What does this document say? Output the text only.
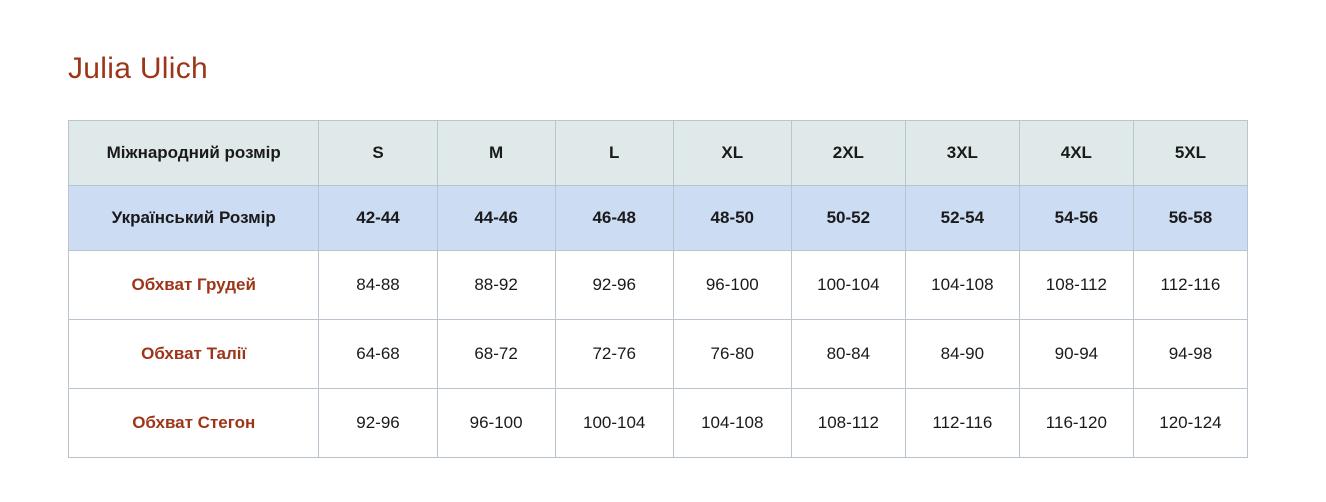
Julia Ulich
Міжнародний розмір	S	M	L	XL	2XL	3XL	4XL	5XL
Український Розмір	42-44	44-46	46-48	48-50	50-52	52-54	54-56	56-58
Обхват Грудей	84-88	88-92	92-96	96-100	100-104	104-108	108-112	112-116
Обхват Талії	64-68	68-72	72-76	76-80	80-84	84-90	90-94	94-98
Обхват Стегон	92-96	96-100	100-104	104-108	108-112	112-116	116-120	120-124
